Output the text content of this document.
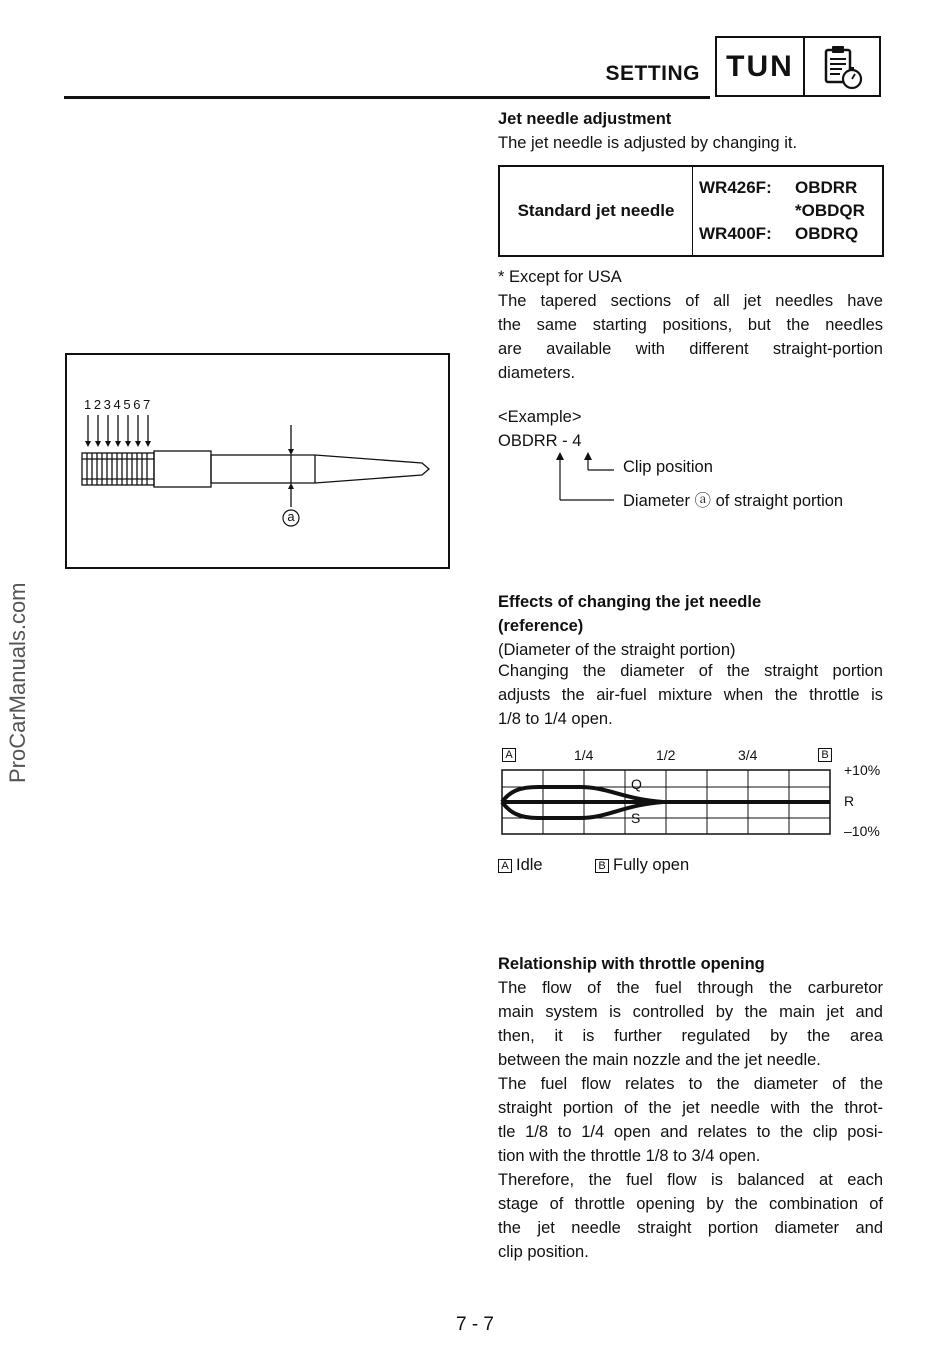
SETTING TUN
ProCarManuals.com
Jet needle adjustment
The jet needle is adjusted by changing it.
Standard jet needle
WR426F:	OBDRR
*OBDQR
WR400F:	OBDRQ
* Except for USA
The tapered sections of all jet needles have
the same starting positions, but the needles
are available with different straight-portion
diameters.
<Example>
OBDRR - 4
Clip position
Diameter ⓐ of straight portion
1 2 3 4 5 6 7
a
Effects of changing the jet needle
(reference)
(Diameter of the straight portion)
Changing the diameter of the straight portion
adjusts the air-fuel mixture when the throttle is
1/8 to 1/4 open.
A	1/4	1/2	3/4	B
+10%
R
–10%
Q
S
A Idle	B Fully open
Relationship with throttle opening
The flow of the fuel through the carburetor
main system is controlled by the main jet and
then, it is further regulated by the area
between the main nozzle and the jet needle.
The fuel flow relates to the diameter of the
straight portion of the jet needle with the throt-
tle 1/8 to 1/4 open and relates to the clip posi-
tion with the throttle 1/8 to 3/4 open.
Therefore, the fuel flow is balanced at each
stage of throttle opening by the combination of
the jet needle straight portion diameter and
clip position.
7 - 7
